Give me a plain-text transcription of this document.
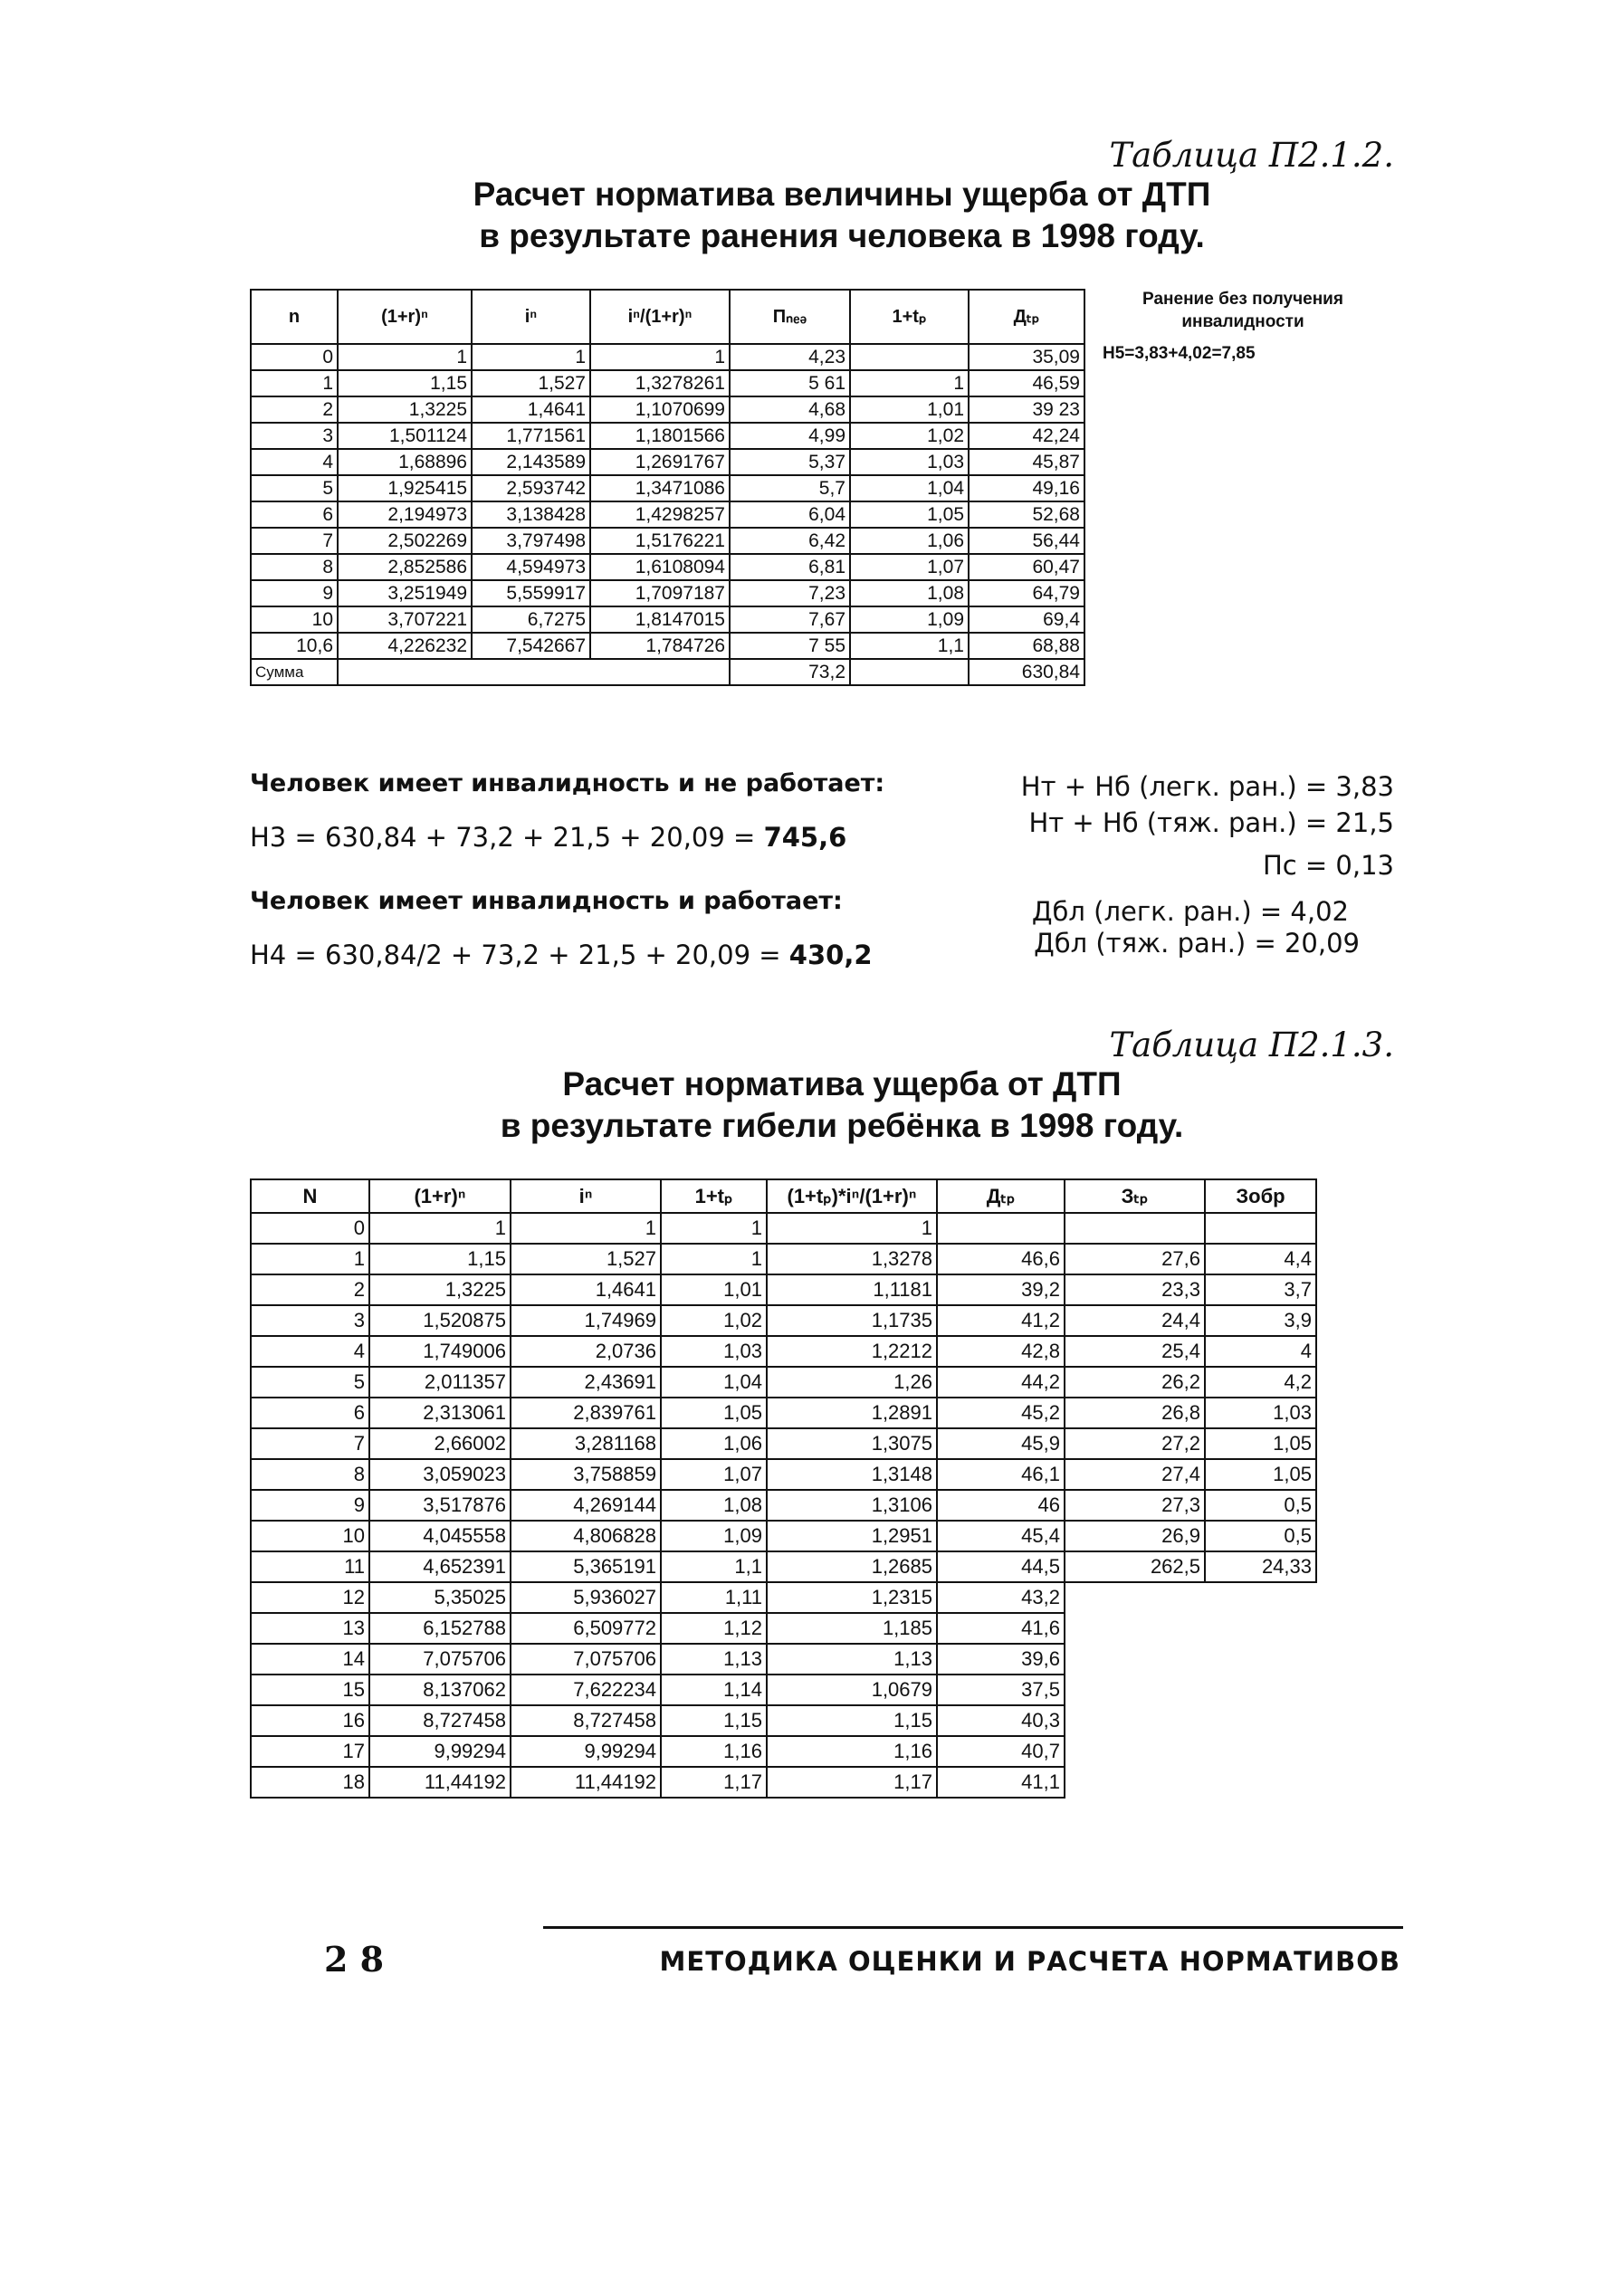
Таблица П2.1.2.
Расчет норматива величины ущерба от ДТП
в результате ранения человека в 1998 году.
n	(1+r)ⁿ	iⁿ	iⁿ/(1+r)ⁿ	Пₙₑₔ	1+tₚ	Дₜₚ
0	1	1	1	4,23		35,09
1	1,15	1,527	1,3278261	5 61	1	46,59
2	1,3225	1,4641	1,1070699	4,68	1,01	39 23
3	1,501124	1,771561	1,1801566	4,99	1,02	42,24
4	1,68896	2,143589	1,2691767	5,37	1,03	45,87
5	1,925415	2,593742	1,3471086	5,7	1,04	49,16
6	2,194973	3,138428	1,4298257	6,04	1,05	52,68
7	2,502269	3,797498	1,5176221	6,42	1,06	56,44
8	2,852586	4,594973	1,6108094	6,81	1,07	60,47
9	3,251949	5,559917	1,7097187	7,23	1,08	64,79
10	3,707221	6,7275	1,8147015	7,67	1,09	69,4
10,6	4,226232	7,542667	1,784726	7 55	1,1	68,88
Сумма				73,2		630,84
Ранение без получения
инвалидности
Н5=3,83+4,02=7,85
Человек имеет инвалидность и не работает:
Н3 = 630,84 + 73,2 + 21,5 + 20,09 = 745,6
Человек имеет инвалидность и работает:
Н4 = 630,84/2 + 73,2 + 21,5 + 20,09 = 430,2
Нт + Нб (легк. ран.) = 3,83
Нт + Нб (тяж. ран.) = 21,5
Пс = 0,13
Дбл (легк. ран.) = 4,02
Дбл (тяж. ран.) = 20,09
Таблица П2.1.3.
Расчет норматива ущерба от ДТП
в результате гибели ребёнка в 1998 году.
N	(1+r)ⁿ	iⁿ	1+tₚ	(1+tₚ)*iⁿ/(1+r)ⁿ	Дₜₚ	Зₜₚ	Зобр
0	1	1	1	1			
1	1,15	1,527	1	1,3278	46,6	27,6	4,4
2	1,3225	1,4641	1,01	1,1181	39,2	23,3	3,7
3	1,520875	1,74969	1,02	1,1735	41,2	24,4	3,9
4	1,749006	2,0736	1,03	1,2212	42,8	25,4	4
5	2,011357	2,43691	1,04	1,26	44,2	26,2	4,2
6	2,313061	2,839761	1,05	1,2891	45,2	26,8	1,03
7	2,66002	3,281168	1,06	1,3075	45,9	27,2	1,05
8	3,059023	3,758859	1,07	1,3148	46,1	27,4	1,05
9	3,517876	4,269144	1,08	1,3106	46	27,3	0,5
10	4,045558	4,806828	1,09	1,2951	45,4	26,9	0,5
11	4,652391	5,365191	1,1	1,2685	44,5	262,5	24,33
12	5,35025	5,936027	1,11	1,2315	43,2		
13	6,152788	6,509772	1,12	1,185	41,6		
14	7,075706	7,075706	1,13	1,13	39,6		
15	8,137062	7,622234	1,14	1,0679	37,5		
16	8,727458	8,727458	1,15	1,15	40,3		
17	9,99294	9,99294	1,16	1,16	40,7		
18	11,44192	11,44192	1,17	1,17	41,1		
2 8	МЕТОДИКА ОЦЕНКИ И РАСЧЕТА НОРМАТИВОВ
